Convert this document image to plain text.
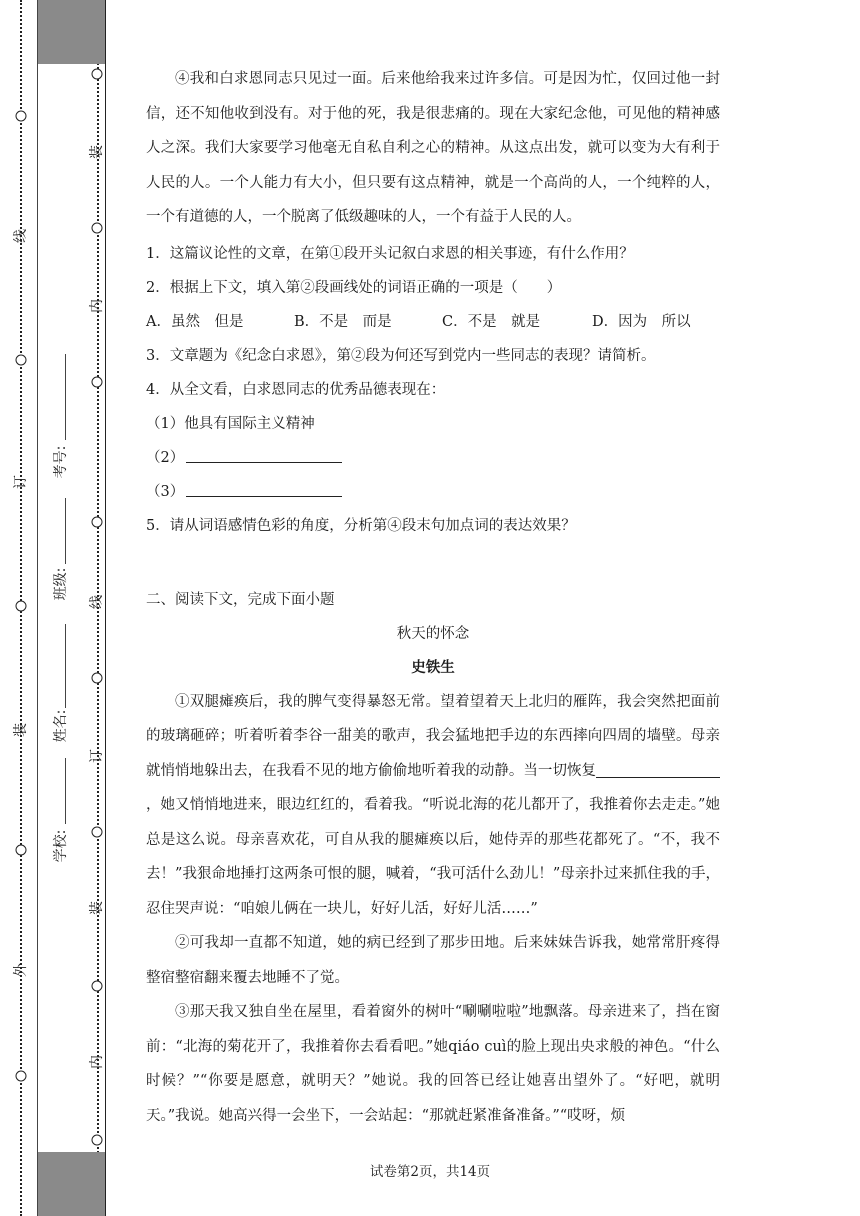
线
订
装
外
装
内
线
订
装
内
考号:
班级:
姓名:
学校:

④我和白求恩同志只见过一面。后来他给我来过许多信。可是因为忙，仅回过他一封信，还不知他收到没有。对于他的死，我是很悲痛的。现在大家纪念他，可见他的精神感人之深。我们大家要学习他毫无自私自利之心的精神。从这点出发，就可以变为大有利于人民的人。一个人能力有大小，但只要有这点精神，就是一个高尚的人，一个纯粹的人，一个有道德的人，一个脱离了低级趣味的人，一个有益于人民的人。

1．这篇议论性的文章，在第①段开头记叙白求恩的相关事迹，有什么作用？

2．根据上下文，填入第②段画线处的词语正确的一项是（　　）

A．虽然　但是	B．不是　而是	C．不是　就是	D．因为　所以

3．文章题为《纪念白求恩》，第②段为何还写到党内一些同志的表现？请简析。

4．从全文看，白求恩同志的优秀品德表现在：

（1）他具有国际主义精神

（2）

（3）

5．请从词语感情色彩的角度，分析第④段末句加点词的表达效果？

二、阅读下文，完成下面小题

秋天的怀念

史铁生

①双腿瘫痪后，我的脾气变得暴怒无常。望着望着天上北归的雁阵，我会突然把面前的玻璃砸碎；听着听着李谷一甜美的歌声，我会猛地把手边的东西摔向四周的墙壁。母亲就悄悄地躲出去，在我看不见的地方偷偷地听着我的动静。当一切恢复，她又悄悄地进来，眼边红红的，看着我。“听说北海的花儿都开了，我推着你去走走。”她总是这么说。母亲喜欢花，可自从我的腿瘫痪以后，她侍弄的那些花都死了。“不，我不去！”我狠命地捶打这两条可恨的腿，喊着，“我可活什么劲儿！”母亲扑过来抓住我的手，忍住哭声说：“咱娘儿俩在一块儿，好好儿活，好好儿活……”

②可我却一直都不知道，她的病已经到了那步田地。后来妹妹告诉我，她常常肝疼得整宿整宿翻来覆去地睡不了觉。

③那天我又独自坐在屋里，看着窗外的树叶“唰唰啦啦”地飘落。母亲进来了，挡在窗前：“北海的菊花开了，我推着你去看看吧。”她qiáo cuì的脸上现出央求般的神色。“什么时候？”“你要是愿意，就明天？”她说。我的回答已经让她喜出望外了。“好吧，就明天。”我说。她高兴得一会坐下，一会站起：“那就赶紧准备准备。”“哎呀，烦

试卷第2页，共14页
